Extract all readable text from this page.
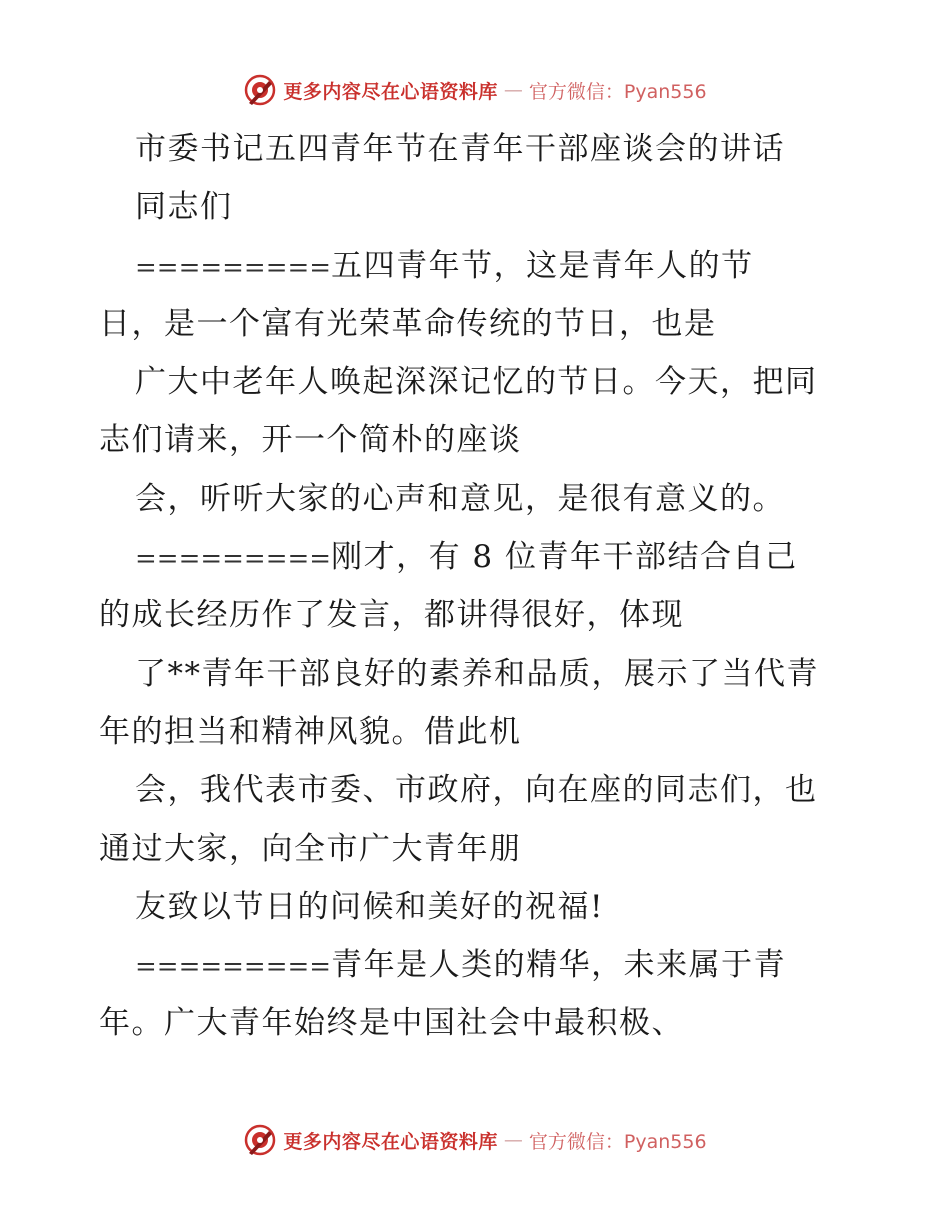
更多内容尽在心语资料库 — 官方微信：Pyan556
市委书记五四青年节在青年干部座谈会的讲话
同志们
=========五四青年节，这是青年人的节
日，是一个富有光荣革命传统的节日，也是
广大中老年人唤起深深记忆的节日。今天，把同
志们请来，开一个简朴的座谈
会，听听大家的心声和意见，是很有意义的。
=========刚才，有 8 位青年干部结合自己
的成长经历作了发言，都讲得很好，体现
了**青年干部良好的素养和品质，展示了当代青
年的担当和精神风貌。借此机
会，我代表市委、市政府，向在座的同志们，也
通过大家，向全市广大青年朋
友致以节日的问候和美好的祝福!
=========青年是人类的精华，未来属于青
年。广大青年始终是中国社会中最积极、
更多内容尽在心语资料库 — 官方微信：Pyan556
